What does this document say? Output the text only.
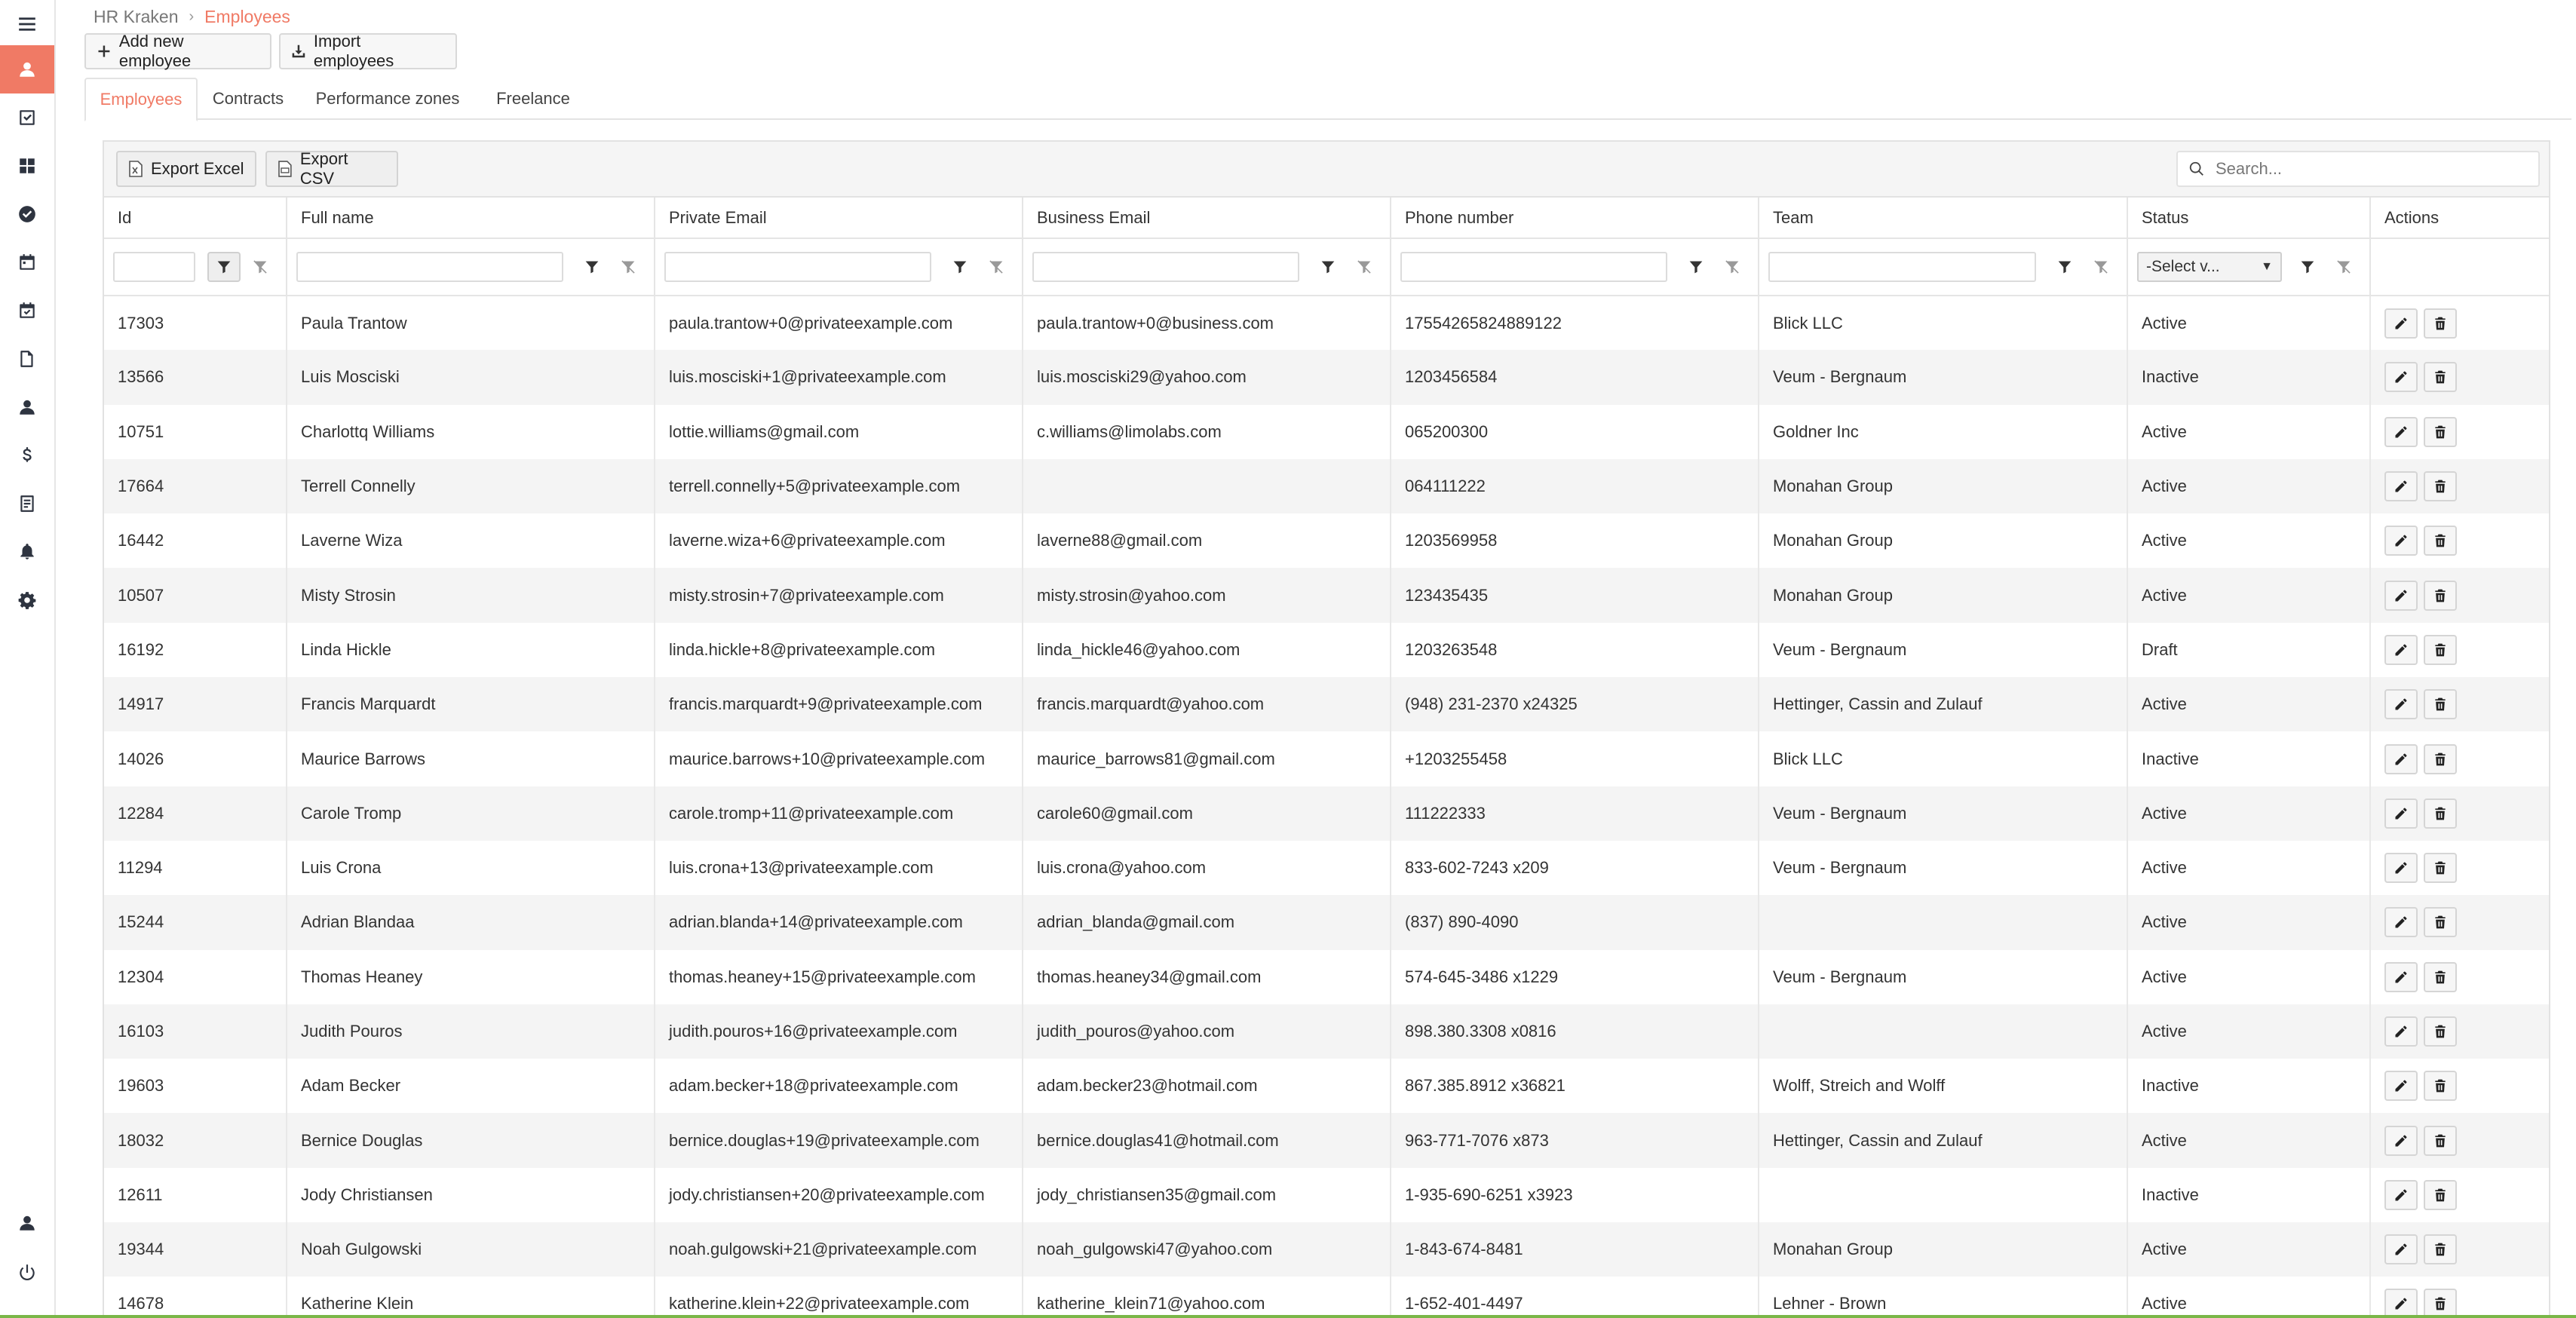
HR Kraken › Employees
Add new employee
Import employees
Employees Contracts Performance zones Freelance
Export Excel
Export CSV
Search...
Id	Full name	Private Email	Business Email	Phone number	Team	Status	Actions

-Select v... ▼	

17303	Paula Trantow	paula.trantow+0@privateexample.com	paula.trantow+0@business.com	17554265824889122	Blick LLC	Active	

13566	Luis Mosciski	luis.mosciski+1@privateexample.com	luis.mosciski29@yahoo.com	1203456584	Veum - Bergnaum	Inactive	

10751	Charlottq Williams	lottie.williams@gmail.com	c.williams@limolabs.com	065200300	Goldner Inc	Active	

17664	Terrell Connelly	terrell.connelly+5@privateexample.com		064111222	Monahan Group	Active	

16442	Laverne Wiza	laverne.wiza+6@privateexample.com	laverne88@gmail.com	1203569958	Monahan Group	Active	

10507	Misty Strosin	misty.strosin+7@privateexample.com	misty.strosin@yahoo.com	123435435	Monahan Group	Active	

16192	Linda Hickle	linda.hickle+8@privateexample.com	linda_hickle46@yahoo.com	1203263548	Veum - Bergnaum	Draft	

14917	Francis Marquardt	francis.marquardt+9@privateexample.com	francis.marquardt@yahoo.com	(948) 231-2370 x24325	Hettinger, Cassin and Zulauf	Active	

14026	Maurice Barrows	maurice.barrows+10@privateexample.com	maurice_barrows81@gmail.com	+1203255458	Blick LLC	Inactive	

12284	Carole Tromp	carole.tromp+11@privateexample.com	carole60@gmail.com	111222333	Veum - Bergnaum	Active	

11294	Luis Crona	luis.crona+13@privateexample.com	luis.crona@yahoo.com	833-602-7243 x209	Veum - Bergnaum	Active	

15244	Adrian Blandaa	adrian.blanda+14@privateexample.com	adrian_blanda@gmail.com	(837) 890-4090		Active	

12304	Thomas Heaney	thomas.heaney+15@privateexample.com	thomas.heaney34@gmail.com	574-645-3486 x1229	Veum - Bergnaum	Active	

16103	Judith Pouros	judith.pouros+16@privateexample.com	judith_pouros@yahoo.com	898.380.3308 x0816		Active	

19603	Adam Becker	adam.becker+18@privateexample.com	adam.becker23@hotmail.com	867.385.8912 x36821	Wolff, Streich and Wolff	Inactive	

18032	Bernice Douglas	bernice.douglas+19@privateexample.com	bernice.douglas41@hotmail.com	963-771-7076 x873	Hettinger, Cassin and Zulauf	Active	

12611	Jody Christiansen	jody.christiansen+20@privateexample.com	jody_christiansen35@gmail.com	1-935-690-6251 x3923		Inactive	

19344	Noah Gulgowski	noah.gulgowski+21@privateexample.com	noah_gulgowski47@yahoo.com	1-843-674-8481	Monahan Group	Active	

14678	Katherine Klein	katherine.klein+22@privateexample.com	katherine_klein71@yahoo.com	1-652-401-4497	Lehner - Brown	Active	
